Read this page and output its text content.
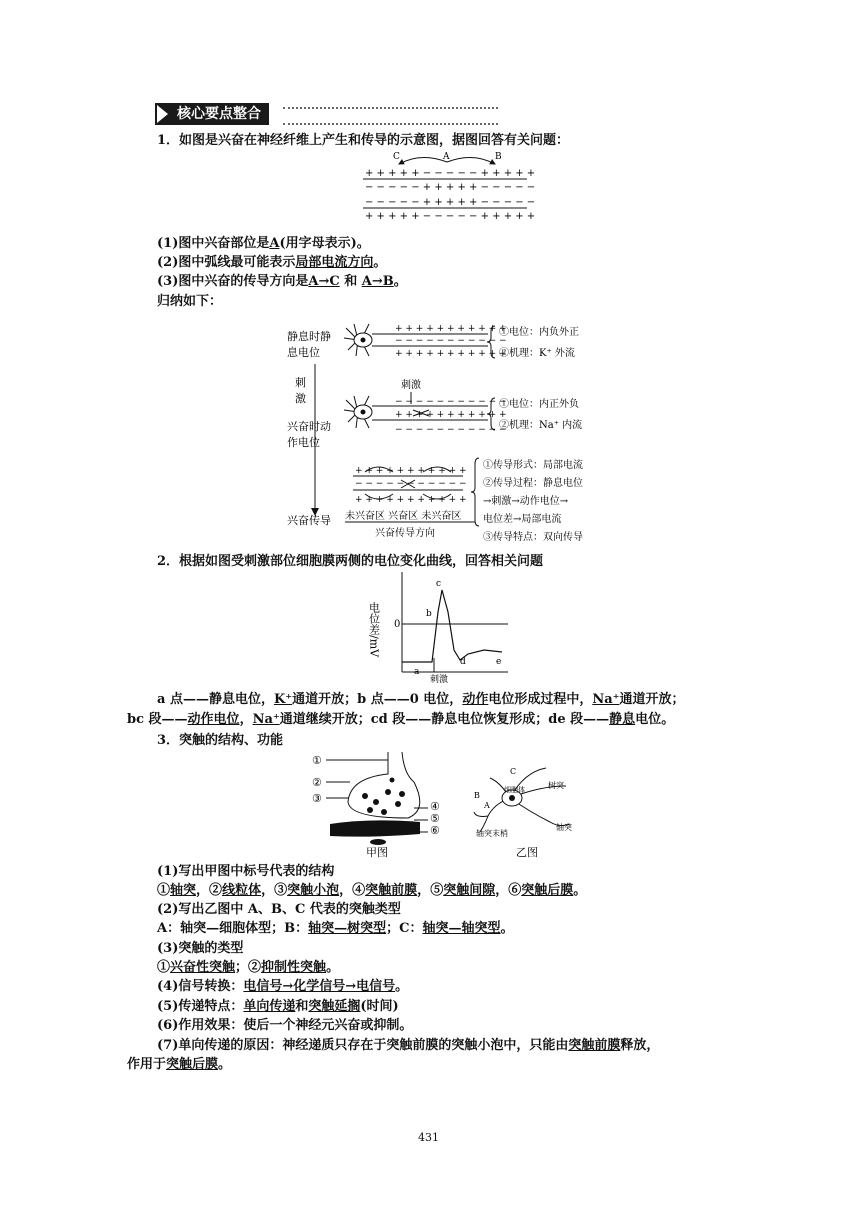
核心要点整合
1．如图是兴奋在神经纤维上产生和传导的示意图，据图回答有关问题：
C	A	B
+ + + + + − − − − − + + + + +
− − − − − + + + + + − − − − −
− − − − − + + + + + − − − − −
+ + + + + − − − − − + + + + +
(1)图中兴奋部位是A(用字母表示)。
(2)图中弧线最可能表示局部电流方向。
(3)图中兴奋的传导方向是A→C 和 A→B。
归纳如下：
静息时静
息电位
刺
激
兴奋时动
作电位
兴奋传导
+ + + + + + + + + + +
− − − − − − − − − − −
+ + + + + + + + + + +
①电位：内负外正
②机理：K⁺ 外流
刺激
− − − − − − − − − − −
+ + + + + + + + + + +
− − − − − − − − − − −
①电位：内正外负
②机理：Na⁺ 内流
+ + + + + + + + + + +
− − − − − − − − − − −
+ + + + + + + + + + +
未兴奋区 兴奋区 未兴奋区
兴奋传导方向
①传导形式：局部电流
②传导过程：静息电位
→刺激→动作电位→
电位差→局部电流
③传导特点：双向传导
2．根据如图受刺激部位细胞膜两侧的电位变化曲线，回答相关问题
电位差/mV 0
a
b
c
d	e
刺激
a 点——静息电位，K⁺通道开放；b 点——0 电位，动作电位形成过程中，Na⁺通道开放；
bc 段——动作电位，Na⁺通道继续开放；cd 段——静息电位恢复形成；de 段——静息电位。
3．突触的结构、功能
①
②
③
④
⑤
⑥
甲图
C
B
A
树突
细胞体
轴突
轴突末梢
乙图
(1)写出甲图中标号代表的结构
①轴突，②线粒体，③突触小泡，④突触前膜，⑤突触间隙，⑥突触后膜。
(2)写出乙图中 A、B、C 代表的突触类型
A：轴突—细胞体型；B：轴突—树突型；C：轴突—轴突型。
(3)突触的类型
①兴奋性突触；②抑制性突触。
(4)信号转换：电信号→化学信号→电信号。
(5)传递特点：单向传递和突触延搁(时间)
(6)作用效果：使后一个神经元兴奋或抑制。
(7)单向传递的原因：神经递质只存在于突触前膜的突触小泡中，只能由突触前膜释放，
作用于突触后膜。
431
